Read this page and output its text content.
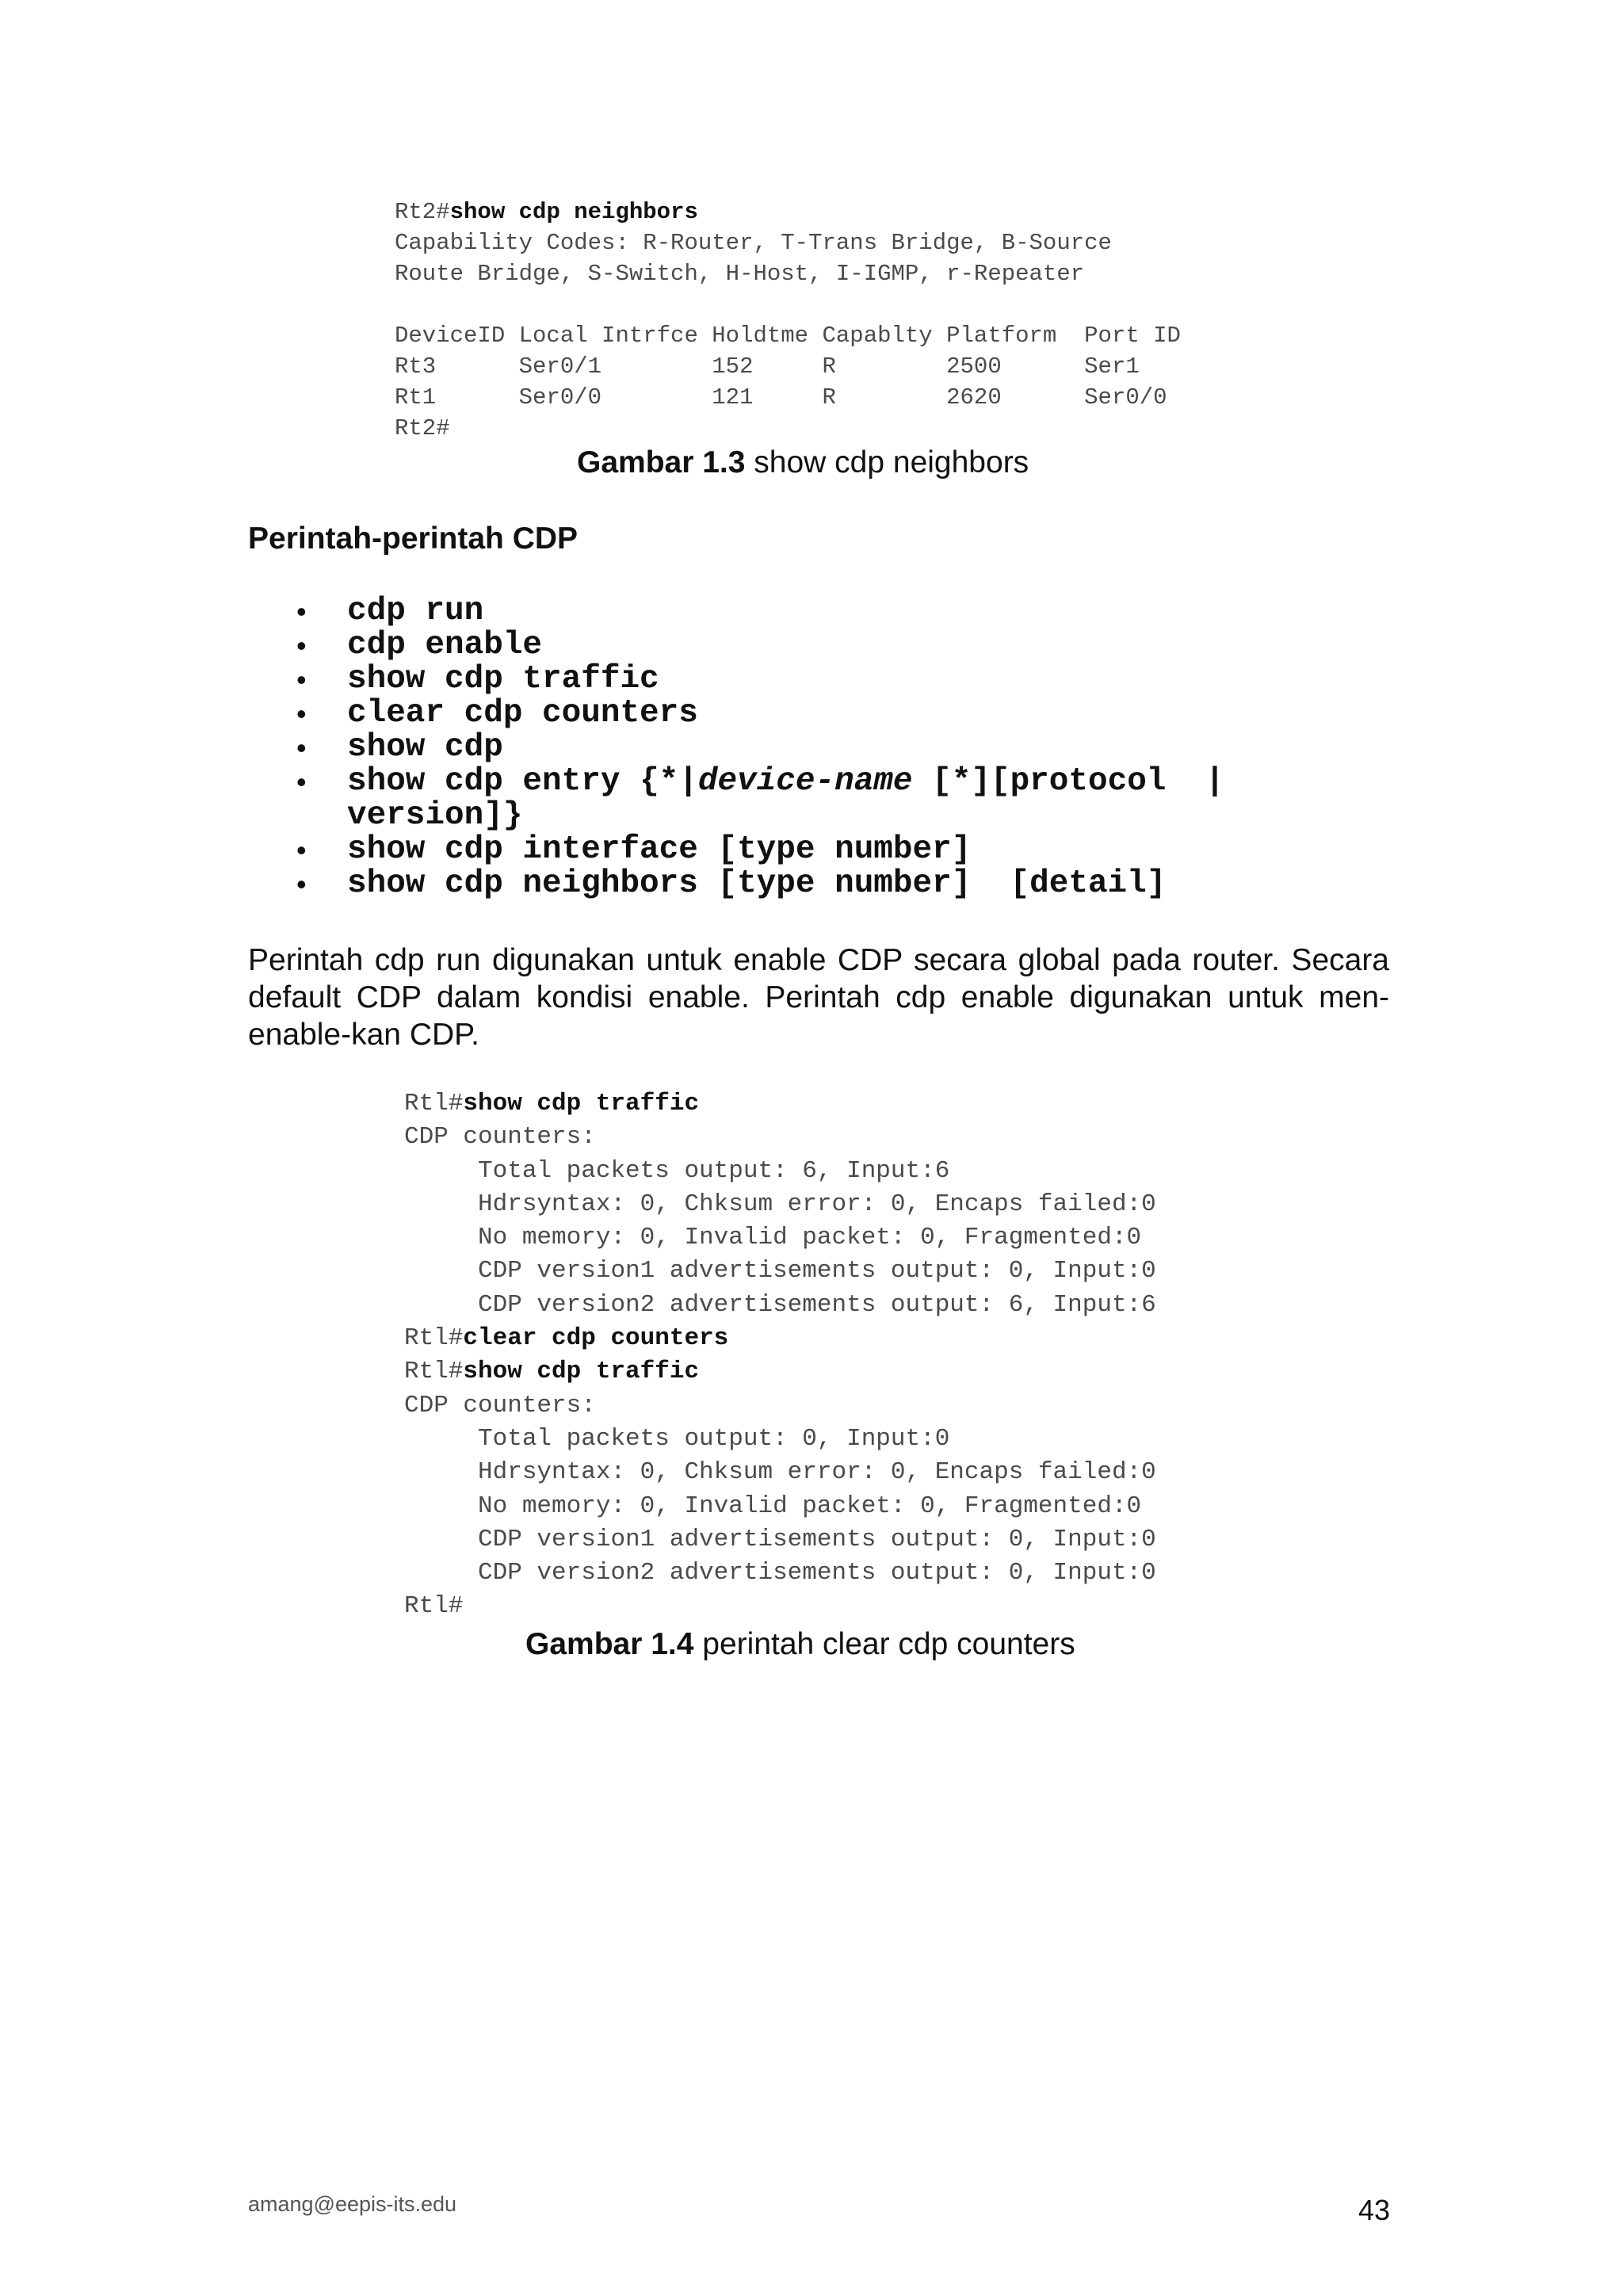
Rt2#show cdp neighbors
Capability Codes: R-Router, T-Trans Bridge, B-Source
Route Bridge, S-Switch, H-Host, I-IGMP, r-Repeater

DeviceID Local Intrfce Holdtme Capablty Platform  Port ID
Rt3      Ser0/1        152     R        2500      Ser1
Rt1      Ser0/0        121     R        2620      Ser0/0
Rt2#
Gambar 1.3 show cdp neighbors
Perintah-perintah CDP
• cdp run
• cdp enable
• show cdp traffic
• clear cdp counters
• show cdp
• show cdp entry {*|device-name [*][protocol  |
version]}
• show cdp interface [type number]
• show cdp neighbors [type number]  [detail]

Perintah cdp run digunakan untuk enable CDP secara global pada router. Secara default CDP dalam kondisi enable. Perintah cdp enable digunakan untuk men-enable-kan CDP.

Rtl#show cdp traffic
CDP counters:
Total packets output: 6, Input:6
Hdrsyntax: 0, Chksum error: 0, Encaps failed:0
No memory: 0, Invalid packet: 0, Fragmented:0
CDP version1 advertisements output: 0, Input:0
CDP version2 advertisements output: 6, Input:6
Rtl#clear cdp counters
Rtl#show cdp traffic
CDP counters:
Total packets output: 0, Input:0
Hdrsyntax: 0, Chksum error: 0, Encaps failed:0
No memory: 0, Invalid packet: 0, Fragmented:0
CDP version1 advertisements output: 0, Input:0
CDP version2 advertisements output: 0, Input:0
Rtl#
Gambar 1.4 perintah clear cdp counters
amang@eepis-its.edu	43
